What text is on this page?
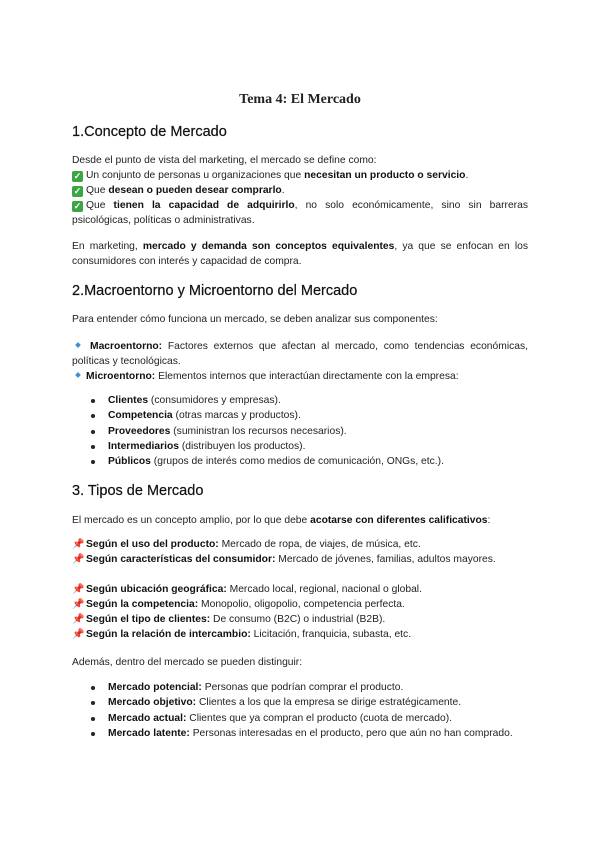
Tema 4: El Mercado
1.Concepto de Mercado

Desde el punto de vista del marketing, el mercado se define como:

✓ Un conjunto de personas u organizaciones que necesitan un producto o servicio.

✓ Que desean o pueden desear comprarlo.

✓ Que tienen la capacidad de adquirirlo, no solo económicamente, sino sin barreras psicológicas, políticas o administrativas.

En marketing, mercado y demanda son conceptos equivalentes, ya que se enfocan en los consumidores con interés y capacidad de compra.

2.Macroentorno y Microentorno del Mercado

Para entender cómo funciona un mercado, se deben analizar sus componentes:

Macroentorno: Factores externos que afectan al mercado, como tendencias económicas, políticas y tecnológicas.

Microentorno: Elementos internos que interactúan directamente con la empresa:

Clientes (consumidores y empresas).
Competencia (otras marcas y productos).
Proveedores (suministran los recursos necesarios).
Intermediarios (distribuyen los productos).
Públicos (grupos de interés como medios de comunicación, ONGs, etc.).
3. Tipos de Mercado

El mercado es un concepto amplio, por lo que debe acotarse con diferentes calificativos:

📌 Según el uso del producto: Mercado de ropa, de viajes, de música, etc.

📌 Según características del consumidor: Mercado de jóvenes, familias, adultos mayores.

📌 Según ubicación geográfica: Mercado local, regional, nacional o global.

📌 Según la competencia: Monopolio, oligopolio, competencia perfecta.

📌 Según el tipo de clientes: De consumo (B2C) o industrial (B2B).

📌 Según la relación de intercambio: Licitación, franquicia, subasta, etc.

Además, dentro del mercado se pueden distinguir:

Mercado potencial: Personas que podrían comprar el producto.
Mercado objetivo: Clientes a los que la empresa se dirige estratégicamente.
Mercado actual: Clientes que ya compran el producto (cuota de mercado).
Mercado latente: Personas interesadas en el producto, pero que aún no han comprado.
